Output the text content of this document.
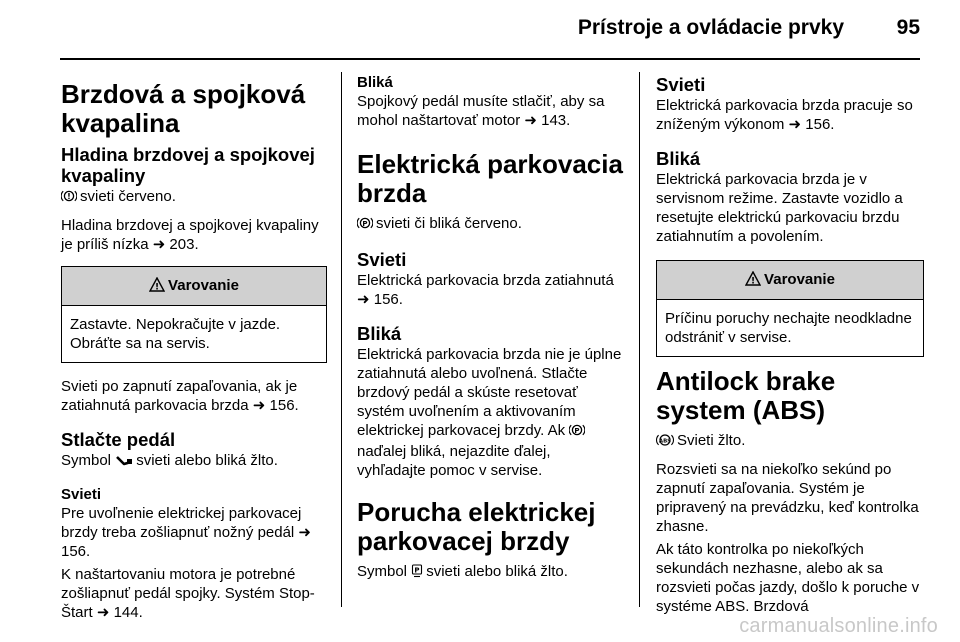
Prístroje a ovládacie prvky	95
Brzdová a spojková kvapalina
Hladina brzdovej a spojkovej kvapaliny

! svieti červeno.

Hladina brzdovej a spojkovej kvapaliny je príliš nízka ➜ 203.

! Varovanie
Zastavte. Nepokračujte v jazde. Obráťte sa na servis.

Svieti po zapnutí zapaľovania, ak je zatiahnutá parkovacia brzda ➜ 156.

Stlačte pedál

Symbol svieti alebo bliká žlto.

Svieti

Pre uvoľnenie elektrickej parkovacej brzdy treba zošliapnuť nožný pedál ➜ 156.

K naštartovaniu motora je potrebné zošliapnuť pedál spojky. Systém Stop-Štart ➜ 144.

Bliká

Spojkový pedál musíte stlačiť, aby sa mohol naštartovať motor ➜ 143.

Elektrická parkovacia brzda

P svieti či bliká červeno.

Svieti

Elektrická parkovacia brzda zatiahnutá ➜ 156.

Bliká

Elektrická parkovacia brzda nie je úplne zatiahnutá alebo uvoľnená. Stlačte brzdový pedál a skúste resetovať systém uvoľnením a aktivovaním elektrickej parkovacej brzdy. Ak P
naďalej bliká, nejazdite ďalej, vyhľadajte pomoc v servise.

Porucha elektrickej parkovacej brzdy

Symbol P svieti alebo bliká žlto.

Svieti

Elektrická parkovacia brzda pracuje so zníženým výkonom ➜ 156.

Bliká

Elektrická parkovacia brzda je v servisnom režime. Zastavte vozidlo a resetujte elektrickú parkovaciu brzdu zatiahnutím a povolením.

! Varovanie
Príčinu poruchy nechajte neodkladne odstrániť v servise.
Antilock brake system (ABS)

ABS Svieti žlto.

Rozsvieti sa na niekoľko sekúnd po zapnutí zapaľovania. Systém je pripravený na prevádzku, keď kontrolka zhasne.

Ak táto kontrolka po niekoľkých sekundách nezhasne, alebo ak sa rozsvieti počas jazdy, došlo k poruche v systéme ABS. Brzdová

carmanualsonline.info
